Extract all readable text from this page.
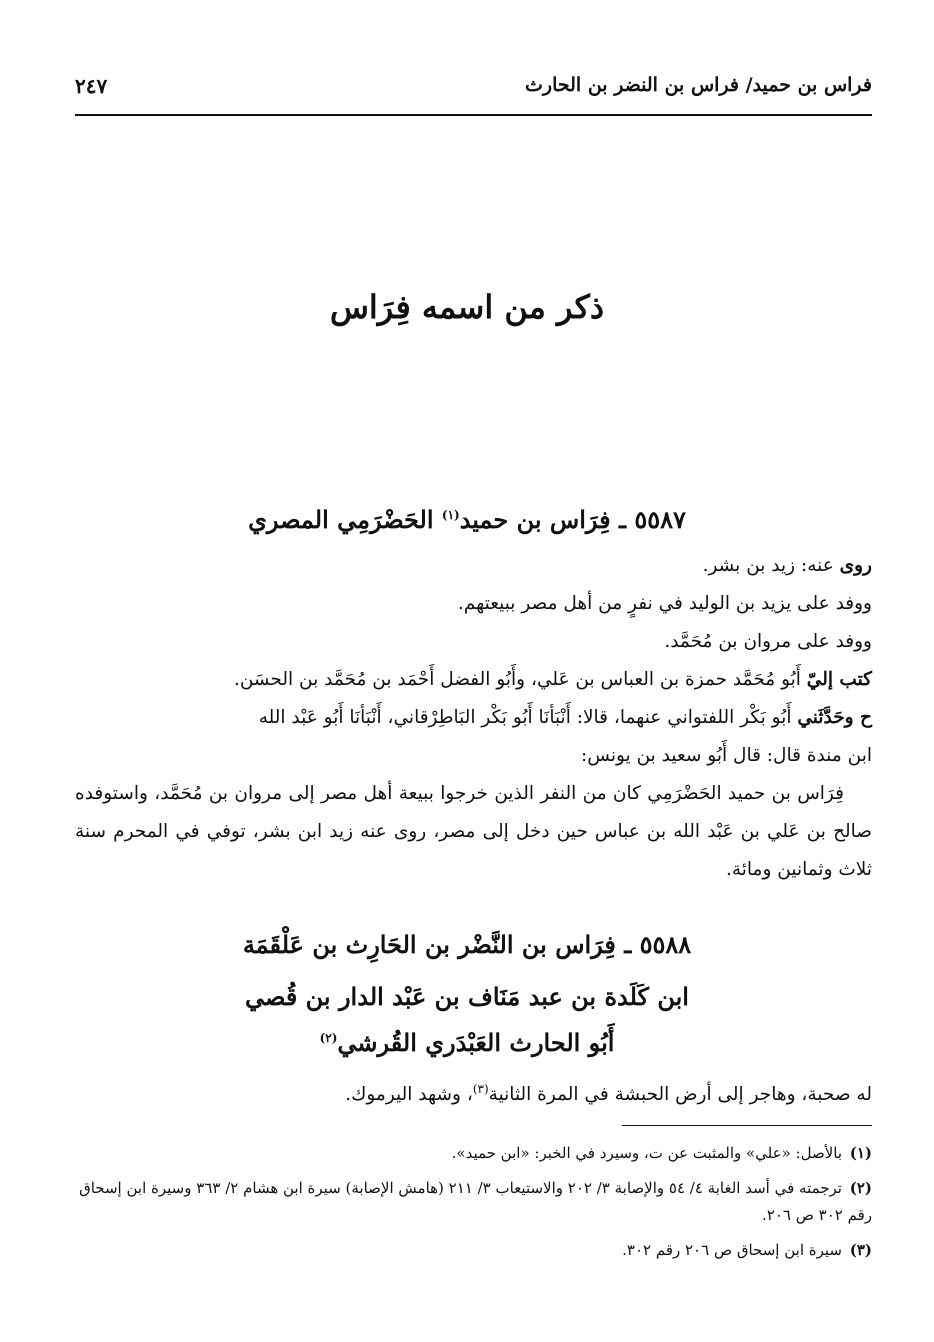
فراس بن حميد/ فراس بن النضر بن الحارث
٢٤٧
ذكر من اسمه فِرَاس
٥٥٨٧ ـ فِرَاس بن حميد$^{(١)}$ الحَضْرَمِي المصري
روى عنه: زيد بن بشر.
ووفد على يزيد بن الوليد في نفرٍ من أهل مصر ببيعتهم.
ووفد على مروان بن مُحَمَّد.
كتب إليّ أَبُو مُحَمَّد حمزة بن العباس بن عَلي، وأَبُو الفضل أَحْمَد بن مُحَمَّد بن الحسَن.
ح وحَدَّثَني أَبُو بَكْر اللفتواني عنهما، قالا: أَنْبَأنَا أَبُو بَكْر البَاطِرْقاني، أَنْبَأنَا أَبُو عَبْد الله
ابن مندة قال: قال أَبُو سعيد بن يونس:
فِرَاس بن حميد الحَضْرَمِي كان من النفر الذين خرجوا ببيعة أهل مصر إلى مروان بن مُحَمَّد، واستوفده صالح بن عَلي بن عَبْد الله بن عباس حين دخل إلى مصر، روى عنه زيد ابن بشر، توفي في المحرم سنة ثلاث وثمانين ومائة.
٥٥٨٨ ـ فِرَاس بن النَّضْر بن الحَارِث بن عَلْقَمَة
ابن كَلَدة بن عبد مَنَاف بن عَبْد الدار بن قُصي
أَبُو الحارث العَبْدَري القُرشي$^{(٢)}$
له صحبة، وهاجر إلى أرض الحبشة في المرة الثانية$^{(٣)}$، وشهد اليرموك.
(١)بالأصل: «علي» والمثبت عن ت، وسيرد في الخبر: «ابن حميد».
(٢)ترجمته في أسد الغابة ٤/ ٥٤ والإصابة ٣/ ٢٠٢ والاستيعاب ٣/ ٢١١ (هامش الإصابة) سيرة ابن هشام ٢/ ٣٦٣ وسيرة ابن إسحاق رقم ٣٠٢ ص ٢٠٦.
(٣)سيرة ابن إسحاق ص ٢٠٦ رقم ٣٠٢.
